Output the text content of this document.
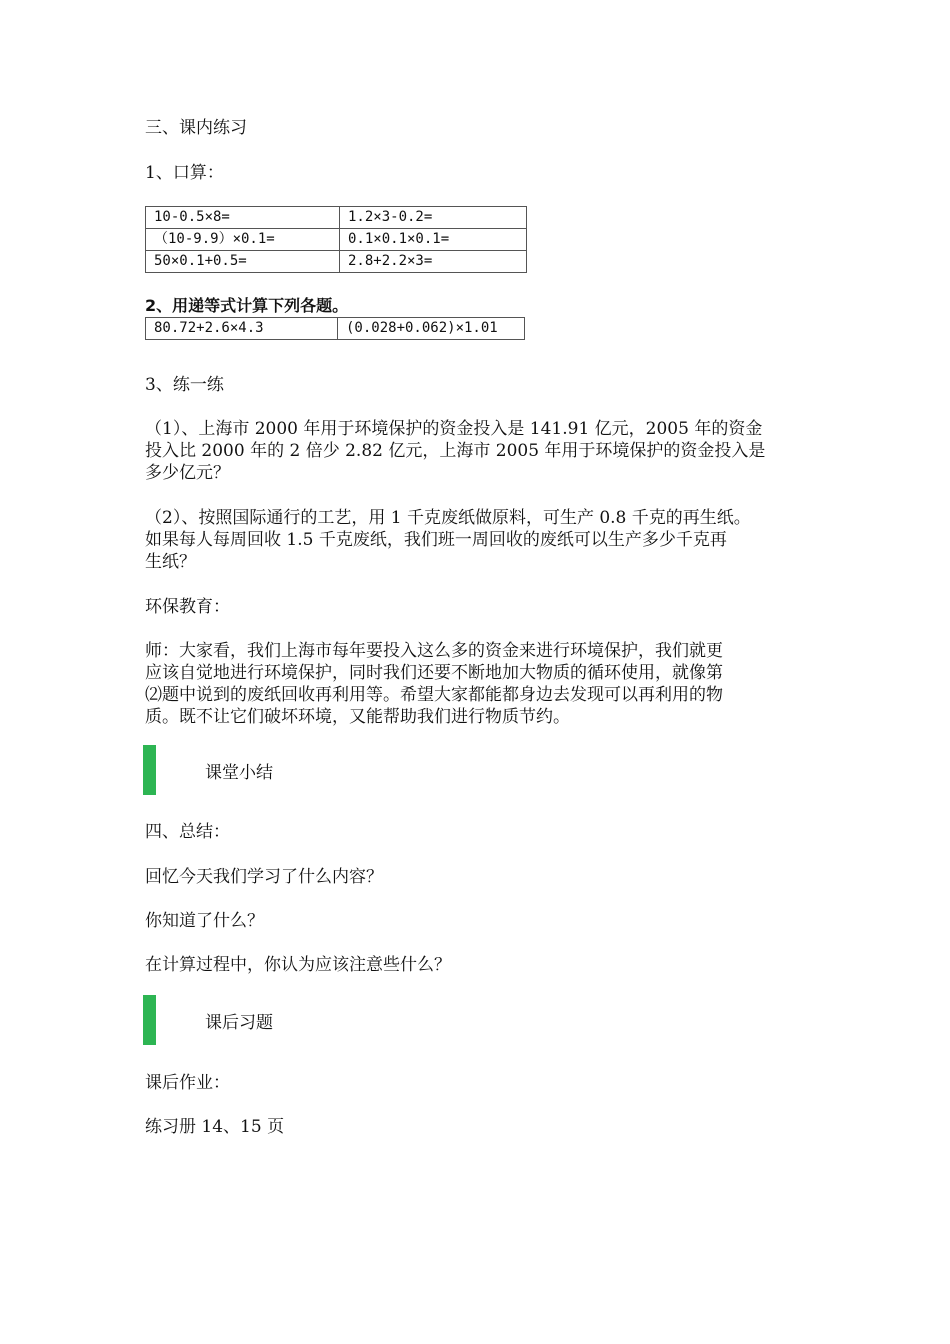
三、课内练习
1、口算：
10-0.5×8=	1.2×3-0.2=
（10-9.9）×0.1=	0.1×0.1×0.1=
50×0.1+0.5=	2.8+2.2×3=
2、用递等式计算下列各题。
80.72+2.6×4.3	(0.028+0.062)×1.01
3、练一练
（1）、上海市 2000 年用于环境保护的资金投入是 141.91 亿元，2005 年的资金
投入比 2000 年的 2 倍少 2.82 亿元，上海市 2005 年用于环境保护的资金投入是
多少亿元？
（2）、按照国际通行的工艺，用 1 千克废纸做原料，可生产 0.8 千克的再生纸。
如果每人每周回收 1.5 千克废纸，我们班一周回收的废纸可以生产多少千克再
生纸？
环保教育：
师：大家看，我们上海市每年要投入这么多的资金来进行环境保护，我们就更
应该自觉地进行环境保护，同时我们还要不断地加大物质的循环使用，就像第
⑵题中说到的废纸回收再利用等。希望大家都能都身边去发现可以再利用的物
质。既不让它们破坏环境，又能帮助我们进行物质节约。
课堂小结
四、总结：
回忆今天我们学习了什么内容？
你知道了什么？
在计算过程中，你认为应该注意些什么？
课后习题
课后作业：
练习册 14、15 页
